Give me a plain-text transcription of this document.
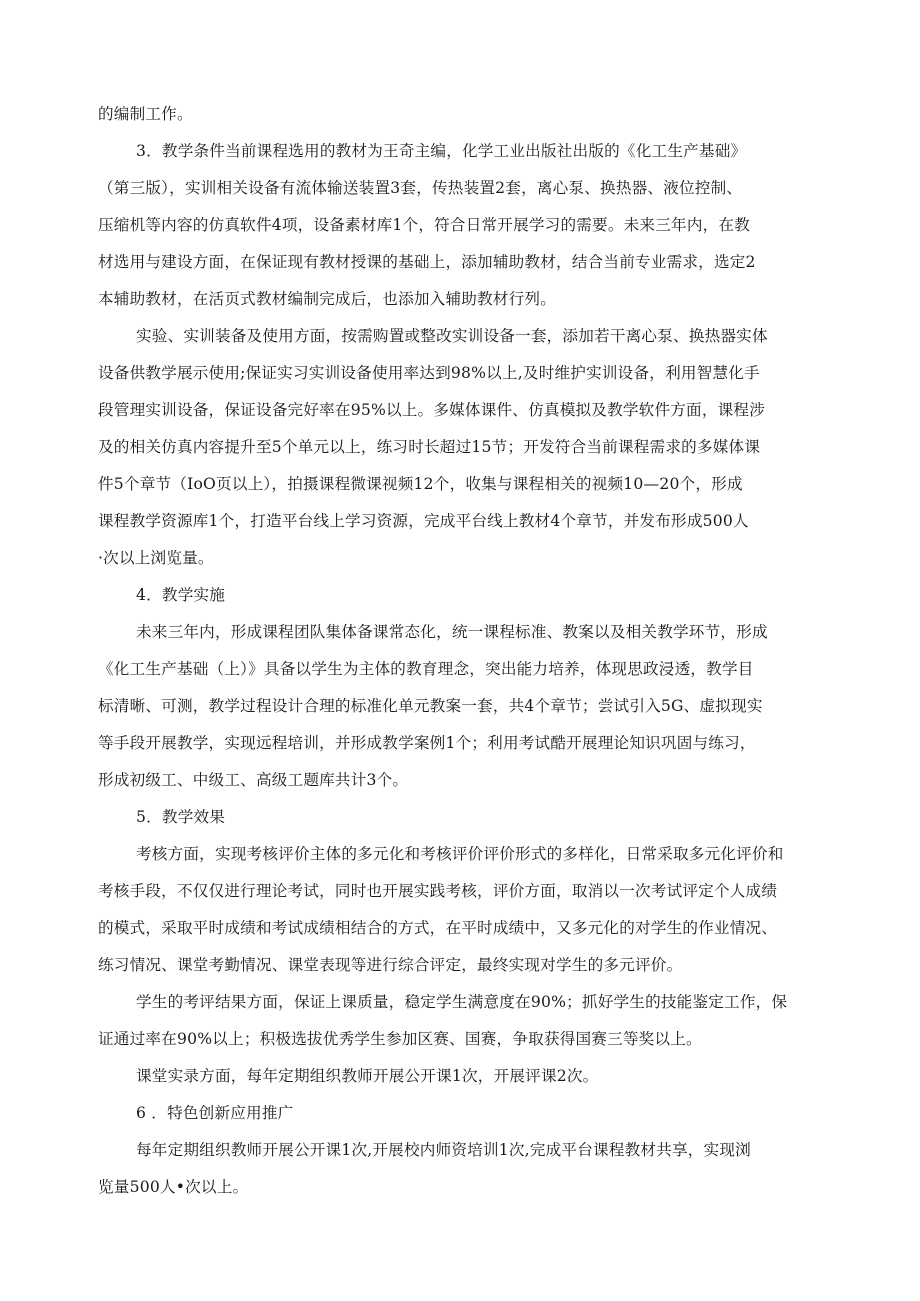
的编制工作。
3．教学条件当前课程选用的教材为王奇主编，化学工业出版社出版的《化工生产基础》
（第三版），实训相关设备有流体输送装置3套，传热装置2套，离心泵、换热器、液位控制、
压缩机等内容的仿真软件4项，设备素材库1个，符合日常开展学习的需要。未来三年内，在教
材选用与建设方面，在保证现有教材授课的基础上，添加辅助教材，结合当前专业需求，选定2
本辅助教材，在活页式教材编制完成后，也添加入辅助教材行列。
实验、实训装备及使用方面，按需购置或整改实训设备一套，添加若干离心泵、换热器实体
设备供教学展示使用;保证实习实训设备使用率达到98%以上,及时维护实训设备，利用智慧化手
段管理实训设备，保证设备完好率在95%以上。多媒体课件、仿真模拟及教学软件方面，课程涉
及的相关仿真内容提升至5个单元以上，练习时长超过15节；开发符合当前课程需求的多媒体课
件5个章节（IoO页以上），拍摄课程微课视频12个，收集与课程相关的视频10—20个，形成
课程教学资源库1个，打造平台线上学习资源，完成平台线上教材4个章节，并发布形成500人
·次以上浏览量。
4．教学实施
未来三年内，形成课程团队集体备课常态化，统一课程标准、教案以及相关教学环节，形成
《化工生产基础（上）》具备以学生为主体的教育理念，突出能力培养，体现思政浸透，教学目
标清晰、可测，教学过程设计合理的标准化单元教案一套，共4个章节；尝试引入5G、虚拟现实
等手段开展教学，实现远程培训，并形成教学案例1个；利用考试酷开展理论知识巩固与练习，
形成初级工、中级工、高级工题库共计3个。
5．教学效果
考核方面，实现考核评价主体的多元化和考核评价评价形式的多样化，日常采取多元化评价和
考核手段，不仅仅进行理论考试，同时也开展实践考核，评价方面，取消以一次考试评定个人成绩
的模式，采取平时成绩和考试成绩相结合的方式，在平时成绩中，又多元化的对学生的作业情况、
练习情况、课堂考勤情况、课堂表现等进行综合评定，最终实现对学生的多元评价。
学生的考评结果方面，保证上课质量，稳定学生满意度在90%；抓好学生的技能鉴定工作，保
证通过率在90%以上；积极选拔优秀学生参加区赛、国赛，争取获得国赛三等奖以上。
课堂实录方面，每年定期组织教师开展公开课1次，开展评课2次。
6 ．特色创新应用推广
每年定期组织教师开展公开课1次,开展校内师资培训1次,完成平台课程教材共享，实现浏
览量500人•次以上。
